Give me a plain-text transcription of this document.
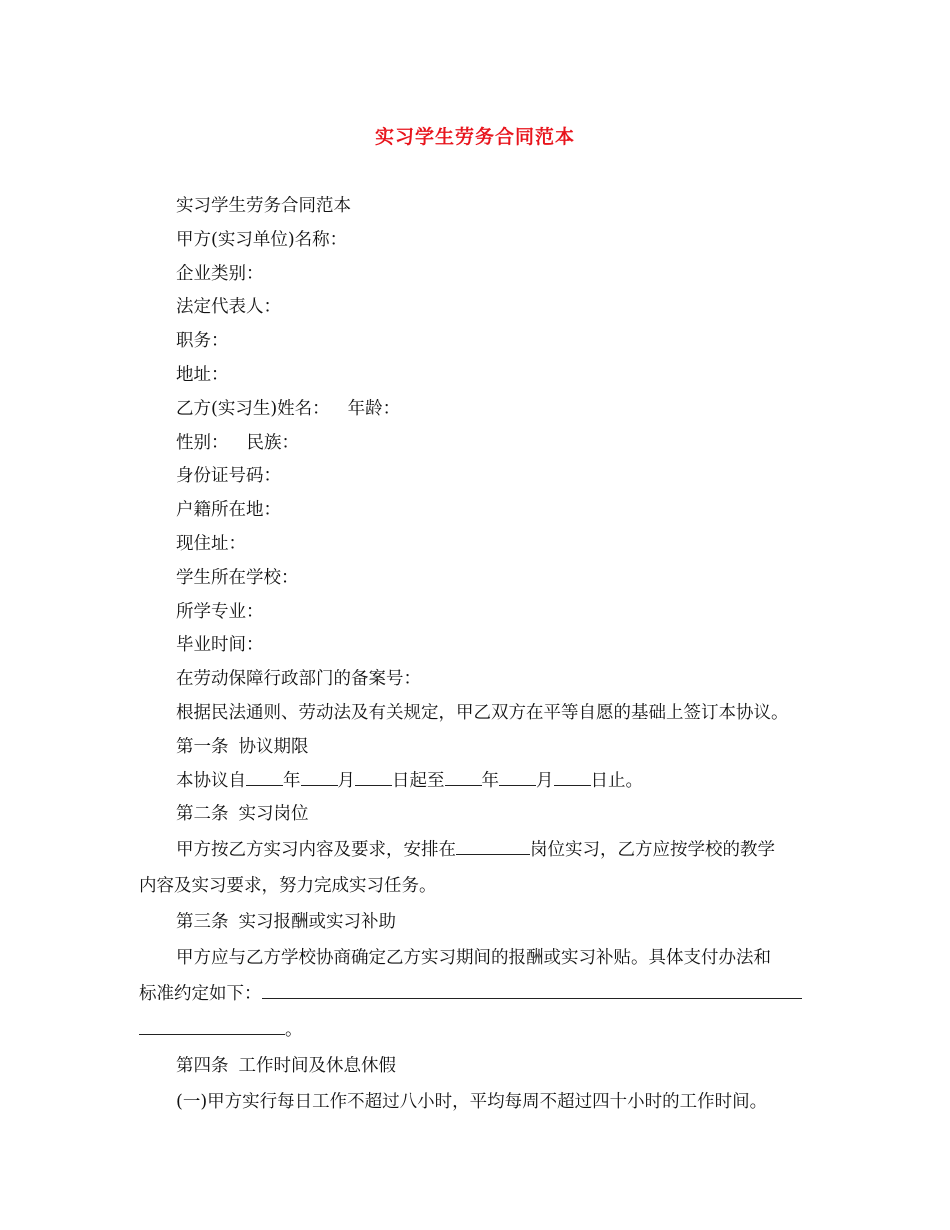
实习学生劳务合同范本
实习学生劳务合同范本
甲方(实习单位)名称：
企业类别：
法定代表人：
职务：
地址：
乙方(实习生)姓名： 年龄：
性别： 民族：
身份证号码：
户籍所在地：
现住址：
学生所在学校：
所学专业：
毕业时间：
在劳动保障行政部门的备案号：
根据民法通则、劳动法及有关规定，甲乙双方在平等自愿的基础上签订本协议。
第一条 协议期限
本协议自 年 月 日起至 年 月 日止。
第二条 实习岗位
甲方按乙方实习内容及要求，安排在	岗位实习，乙方应按学校的教学
内容及实习要求，努力完成实习任务。
第三条 实习报酬或实习补助
甲方应与乙方学校协商确定乙方实习期间的报酬或实习补贴。具体支付办法和
标准约定如下：
。
第四条 工作时间及休息休假
(一)甲方实行每日工作不超过八小时，平均每周不超过四十小时的工作时间。
